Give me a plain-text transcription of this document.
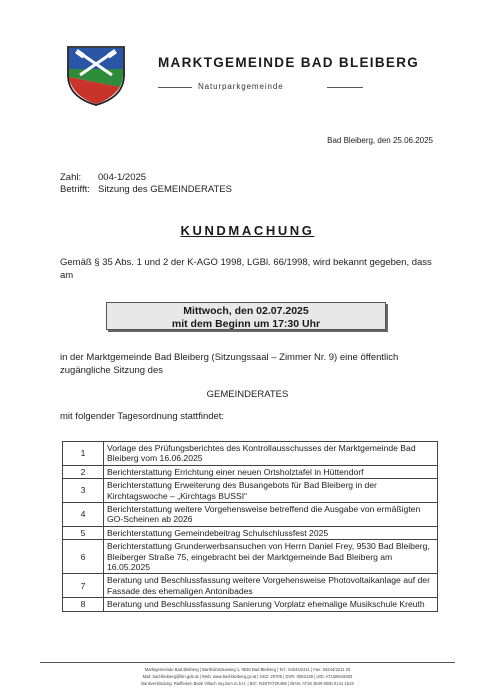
MARKTGEMEINDE BAD BLEIBERG
Naturparkgemeinde
Bad Bleiberg, den 25.06.2025
Zahl: 004-1/2025
Betrifft: Sitzung des GEMEINDERATES
KUNDMACHUNG
Gemäß § 35 Abs. 1 und 2 der K-AGO 1998, LGBl. 66/1998, wird bekannt gegeben, dass am
Mittwoch, den 02.07.2025
mit dem Beginn um 17:30 Uhr
in der Marktgemeinde Bad Bleiberg (Sitzungssaal – Zimmer Nr. 9) eine öffentlich zugängliche Sitzung des
GEMEINDERATES
mit folgender Tagesordnung stattfindet:
1	Vorlage des Prüfungsberichtes des Kontrollausschusses der Marktgemeinde Bad Bleiberg vom 16.06.2025
2	Berichterstattung Errichtung einer neuen Ortsholztafel in Hüttendorf
3	Berichterstattung Erweiterung des Busangebots für Bad Bleiberg in der Kirchtagswoche – „Kirchtags BUSSI“
4	Berichterstattung weitere Vorgehensweise betreffend die Ausgabe von ermäßigten GO-Scheinen ab 2026
5	Berichterstattung Gemeindebeitrag Schulschlussfest 2025
6	Berichterstattung Grunderwerbsansuchen von Herrn Daniel Frey, 9530 Bad Bleiberg, Bleiberger Straße 75, eingebracht bei der Marktgemeinde Bad Bleiberg am 16.05.2025
7	Beratung und Beschlussfassung weitere Vorgehensweise Photovoltaikanlage auf der Fassade des ehemaligen Antonibades
8	Beratung und Beschlussfassung Sanierung Vorplatz ehemalige Musikschule Kreuth
Marktgemeinde Bad Bleiberg | Bartholomäusweg 1, 9530 Bad Bleiberg | Tel.: 04244/2211 | Fax: 04244/2211 25
Mail: bad-bleiberg@ktn.gde.at | Web: www.bad-bleiberg.gv.at | GKZ: 20705 | DVR: 0083139 | UID: ATU20816003
Bankverbindung: Raiffeisen Bank Villach reg.Gen.m.b.H. | BIC: RZKTAT2K496 | IBAN: AT26 3949 6000 0141 1519
